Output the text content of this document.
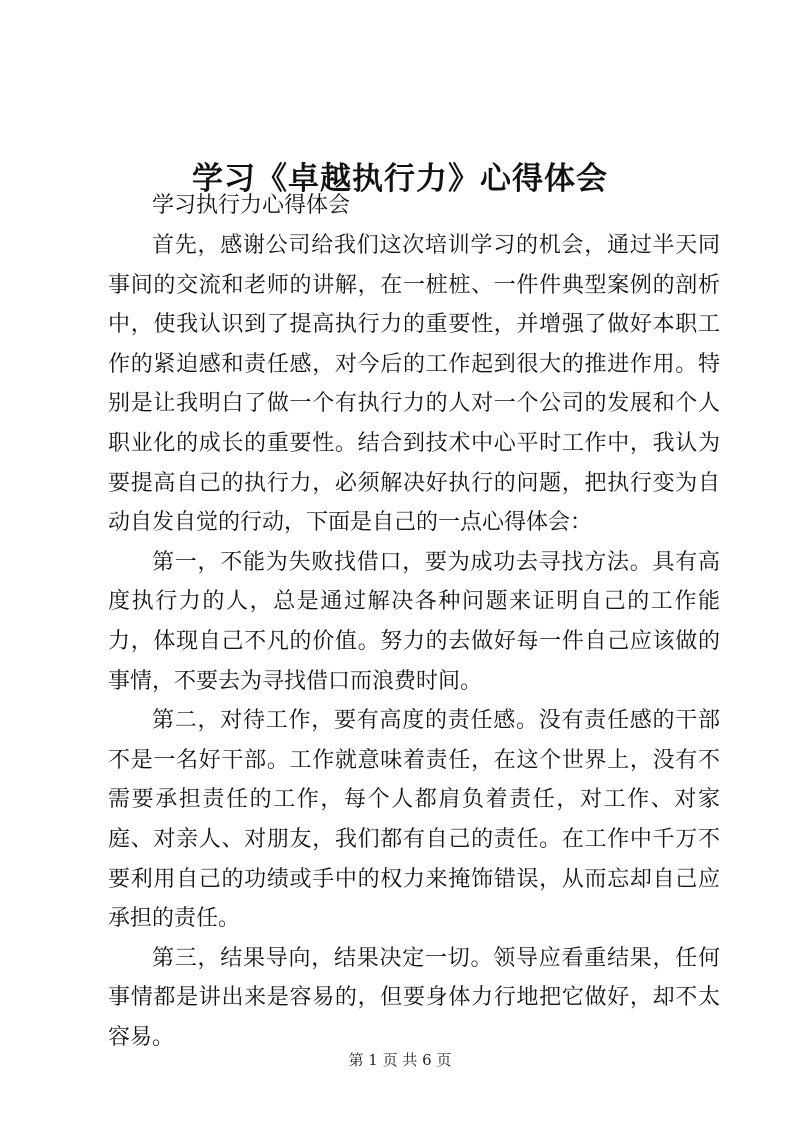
学习《卓越执行力》心得体会

学习执行力心得体会

首先，感谢公司给我们这次培训学习的机会，通过半天同事间的交流和老师的讲解，在一桩桩、一件件典型案例的剖析中，使我认识到了提高执行力的重要性，并增强了做好本职工作的紧迫感和责任感，对今后的工作起到很大的推进作用。特别是让我明白了做一个有执行力的人对一个公司的发展和个人职业化的成长的重要性。结合到技术中心平时工作中，我认为要提高自己的执行力，必须解决好执行的问题，把执行变为自动自发自觉的行动，下面是自己的一点心得体会：

第一，不能为失败找借口，要为成功去寻找方法。具有高度执行力的人，总是通过解决各种问题来证明自己的工作能力，体现自己不凡的价值。努力的去做好每一件自己应该做的事情，不要去为寻找借口而浪费时间。

第二，对待工作，要有高度的责任感。没有责任感的干部不是一名好干部。工作就意味着责任，在这个世界上，没有不需要承担责任的工作，每个人都肩负着责任，对工作、对家庭、对亲人、对朋友，我们都有自己的责任。在工作中千万不要利用自己的功绩或手中的权力来掩饰错误，从而忘却自己应承担的责任。

第三，结果导向，结果决定一切。领导应看重结果，任何事情都是讲出来是容易的，但要身体力行地把它做好，却不太容易。

第 1 页 共 6 页
